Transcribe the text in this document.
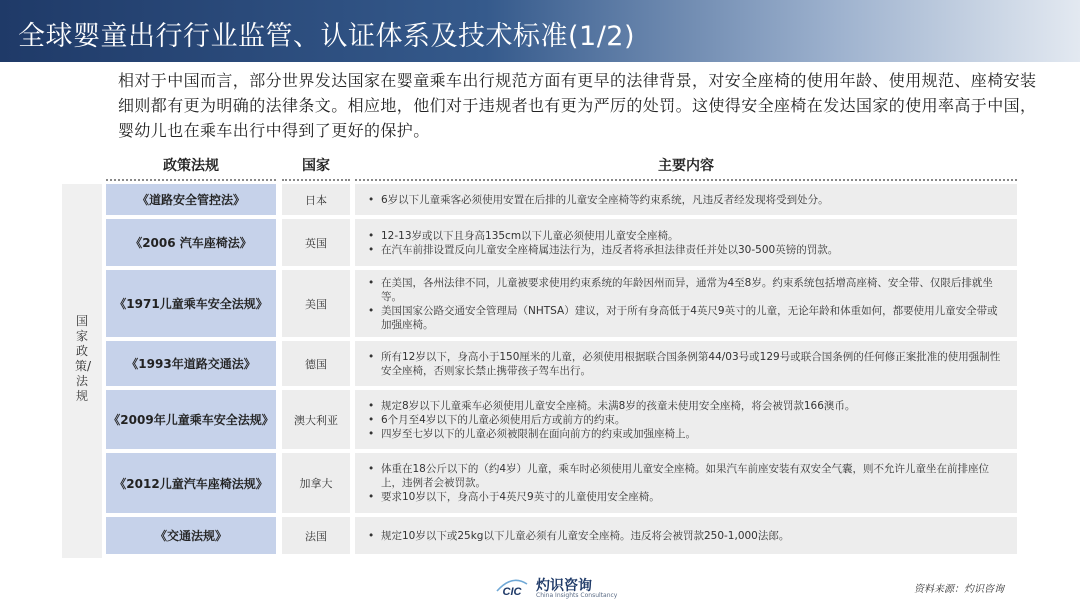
全球婴童出行行业监管、认证体系及技术标准(1/2)
相对于中国而言，部分世界发达国家在婴童乘车出行规范方面有更早的法律背景，对安全座椅的使用年龄、使用规范、座椅安装细则都有更为明确的法律条文。相应地，他们对于违规者也有更为严厉的处罚。这使得安全座椅在发达国家的使用率高于中国，婴幼儿也在乘车出行中得到了更好的保护。
政策法规	国家	主要内容
国家政策/法规
《道路安全管控法》	日本	• 6岁以下儿童乘客必须使用安置在后排的儿童安全座椅等约束系统，凡违反者经发现将受到处分。
《2006 汽车座椅法》	英国
• 12-13岁或以下且身高135cm以下儿童必须使用儿童安全座椅。
• 在汽车前排设置反向儿童安全座椅属违法行为，违反者将承担法律责任并处以30-500英镑的罚款。
《1971儿童乘车安全法规》	美国
• 在美国，各州法律不同，儿童被要求使用约束系统的年龄因州而异，通常为4至8岁。约束系统包括增高座椅、安全带、仅限后排就坐等。
• 美国国家公路交通安全管理局（NHTSA）建议，对于所有身高低于4英尺9英寸的儿童，无论年龄和体重如何，都要使用儿童安全带或加强座椅。
《1993年道路交通法》	德国
• 所有12岁以下，身高小于150厘米的儿童，必须使用根据联合国条例第44/03号或129号或联合国条例的任何修正案批准的使用强制性安全座椅，否则家长禁止携带孩子驾车出行。
《2009年儿童乘车安全法规》	澳大利亚
• 规定8岁以下儿童乘车必须使用儿童安全座椅。未满8岁的孩童未使用安全座椅，将会被罚款166澳币。
• 6个月至4岁以下的儿童必须使用后方或前方的约束。
• 四岁至七岁以下的儿童必须被限制在面向前方的约束或加强座椅上。
《2012儿童汽车座椅法规》	加拿大
• 体重在18公斤以下的（约4岁）儿童，乘车时必须使用儿童安全座椅。如果汽车前座安装有双安全气囊，则不允许儿童坐在前排座位上，违例者会被罚款。
• 要求10岁以下，身高小于4英尺9英寸的儿童使用安全座椅。
《交通法规》	法国	• 规定10岁以下或25kg以下儿童必须有儿童安全座椅。违反将会被罚款250-1,000法郎。
CIC 灼识咨询
China Insights Consultancy
资料来源：灼识咨询
